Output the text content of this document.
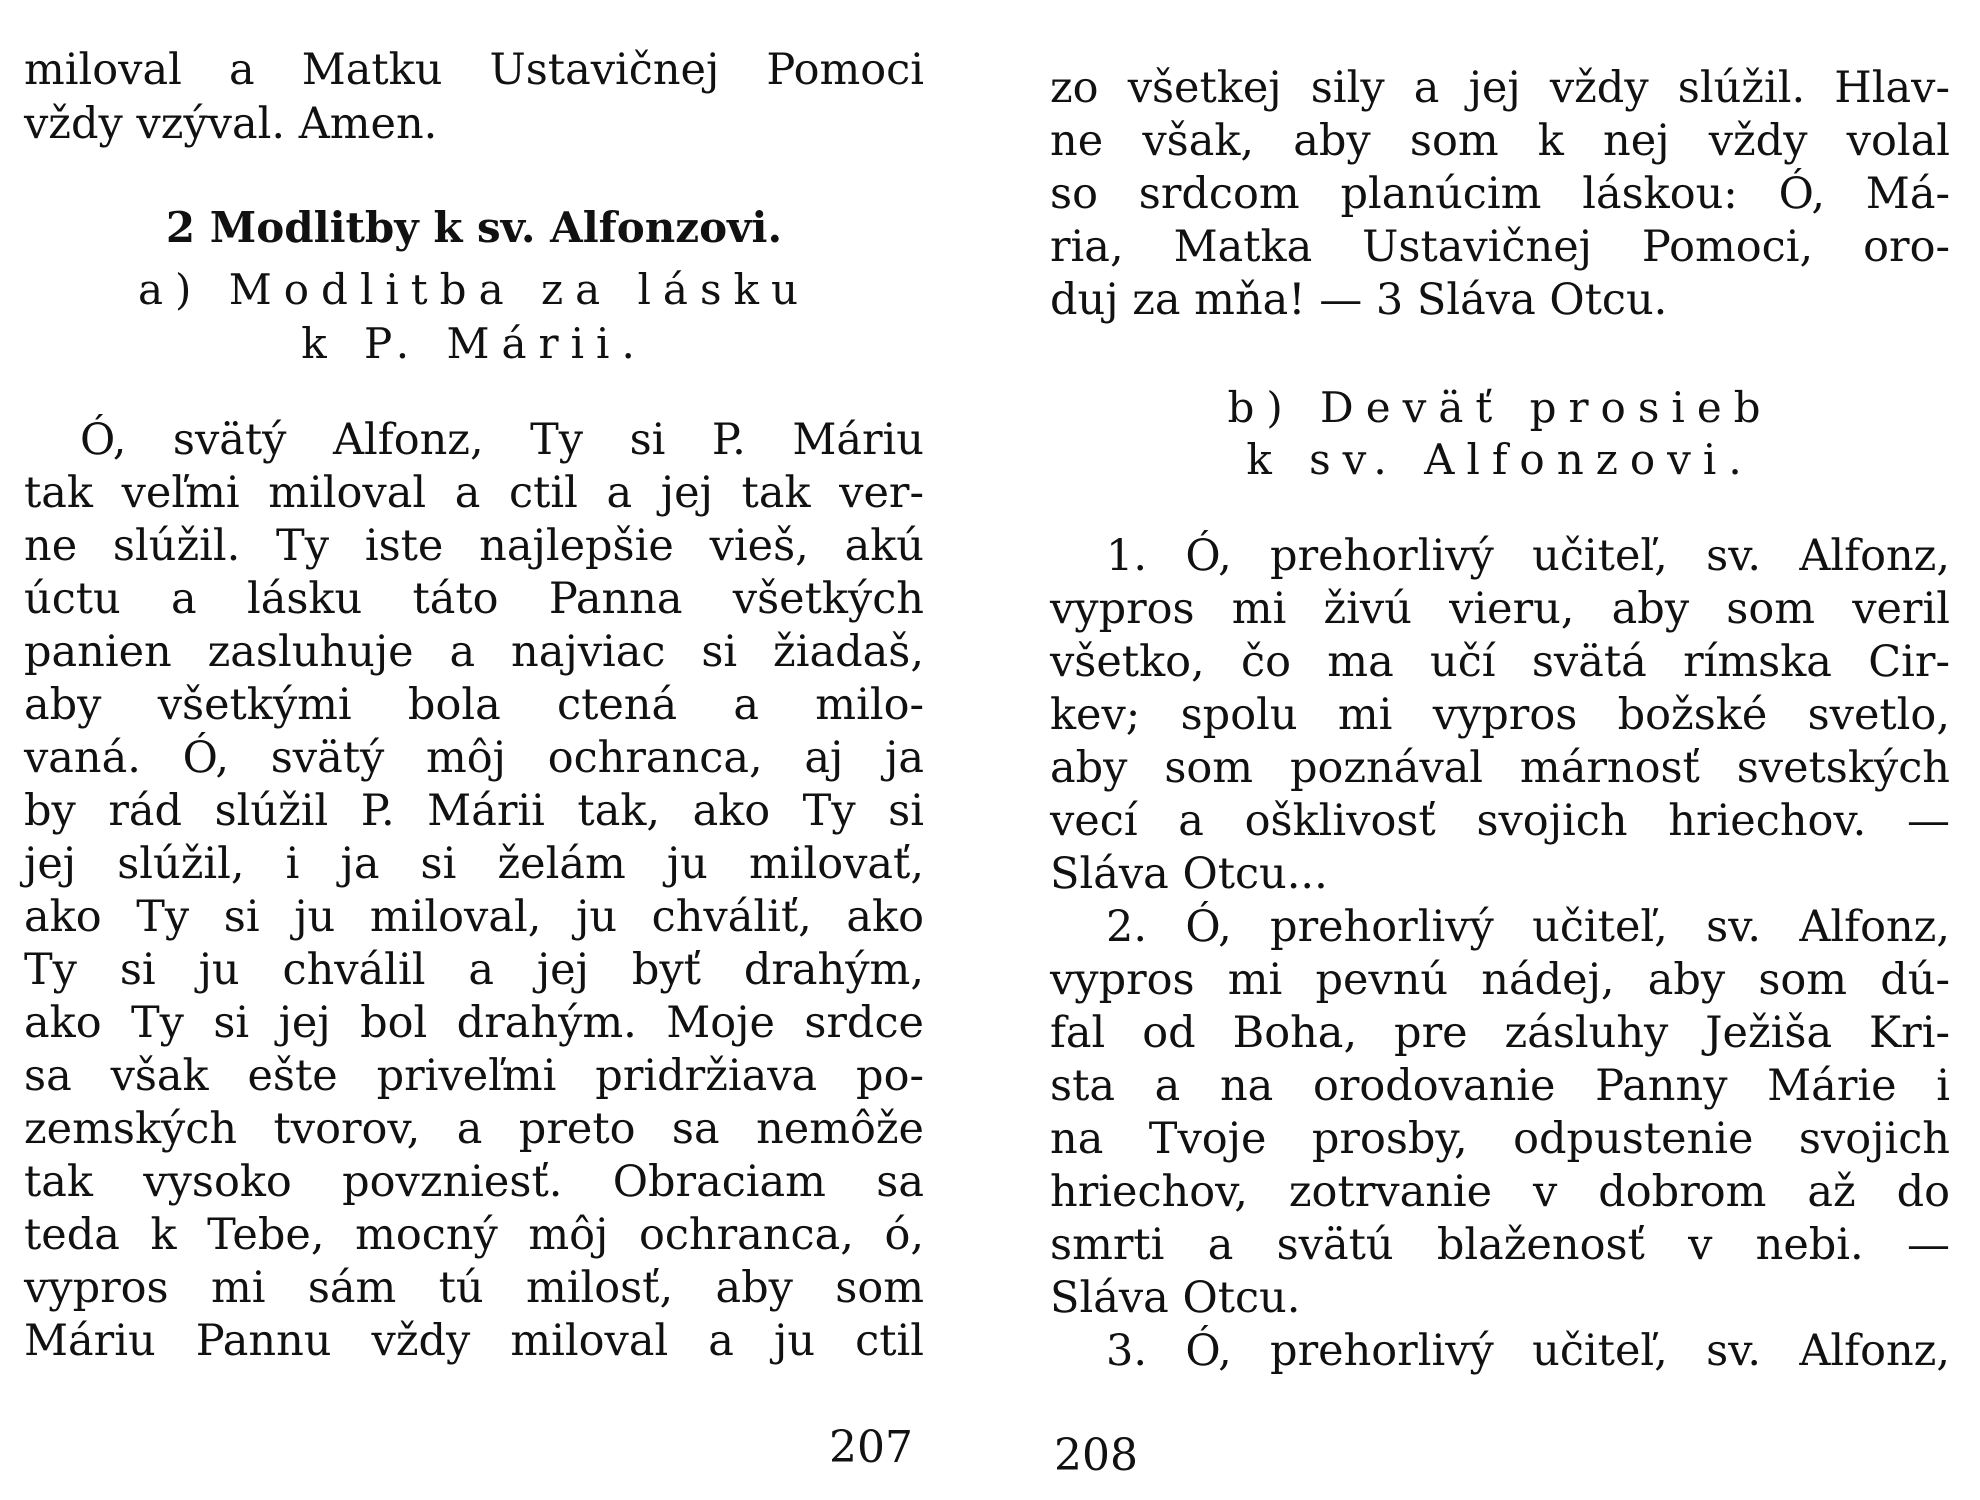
miloval a Matku Ustavičnej Pomoci
vždy vzýval. Amen.
2 Modlitby k sv. Alfonzovi.
a) Modlitba za lásku
k P. Márii.
Ó, svätý Alfonz, Ty si P. Máriu
tak veľmi miloval a ctil a jej tak ver-
ne slúžil. Ty iste najlepšie vieš, akú
úctu a lásku táto Panna všetkých
panien zasluhuje a najviac si žiadaš,
aby všetkými bola ctená a milo-
vaná. Ó, svätý môj ochranca, aj ja
by rád slúžil P. Márii tak, ako Ty si
jej slúžil, i ja si želám ju milovať,
ako Ty si ju miloval, ju chváliť, ako
Ty si ju chválil a jej byť drahým,
ako Ty si jej bol drahým. Moje srdce
sa však ešte priveľmi pridržiava po-
zemských tvorov, a preto sa nemôže
tak vysoko povzniesť. Obraciam sa
teda k Tebe, mocný môj ochranca, ó,
vypros mi sám tú milosť, aby som
Máriu Pannu vždy miloval a ju ctil
207
zo všetkej sily a jej vždy slúžil. Hlav-
ne však, aby som k nej vždy volal
so srdcom planúcim láskou: Ó, Má-
ria, Matka Ustavičnej Pomoci, oro-
duj za mňa! — 3 Sláva Otcu.
b) Deväť prosieb
k sv. Alfonzovi.
1. Ó, prehorlivý učiteľ, sv. Alfonz,
vypros mi živú vieru, aby som veril
všetko, čo ma učí svätá rímska Cir-
kev; spolu mi vypros božské svetlo,
aby som poznával márnosť svetských
vecí a ošklivosť svojich hriechov. —
Sláva Otcu...
2. Ó, prehorlivý učiteľ, sv. Alfonz,
vypros mi pevnú nádej, aby som dú-
fal od Boha, pre zásluhy Ježiša Kri-
sta a na orodovanie Panny Márie i
na Tvoje prosby, odpustenie svojich
hriechov, zotrvanie v dobrom až do
smrti a svätú blaženosť v nebi. —
Sláva Otcu.
3. Ó, prehorlivý učiteľ, sv. Alfonz,
208
